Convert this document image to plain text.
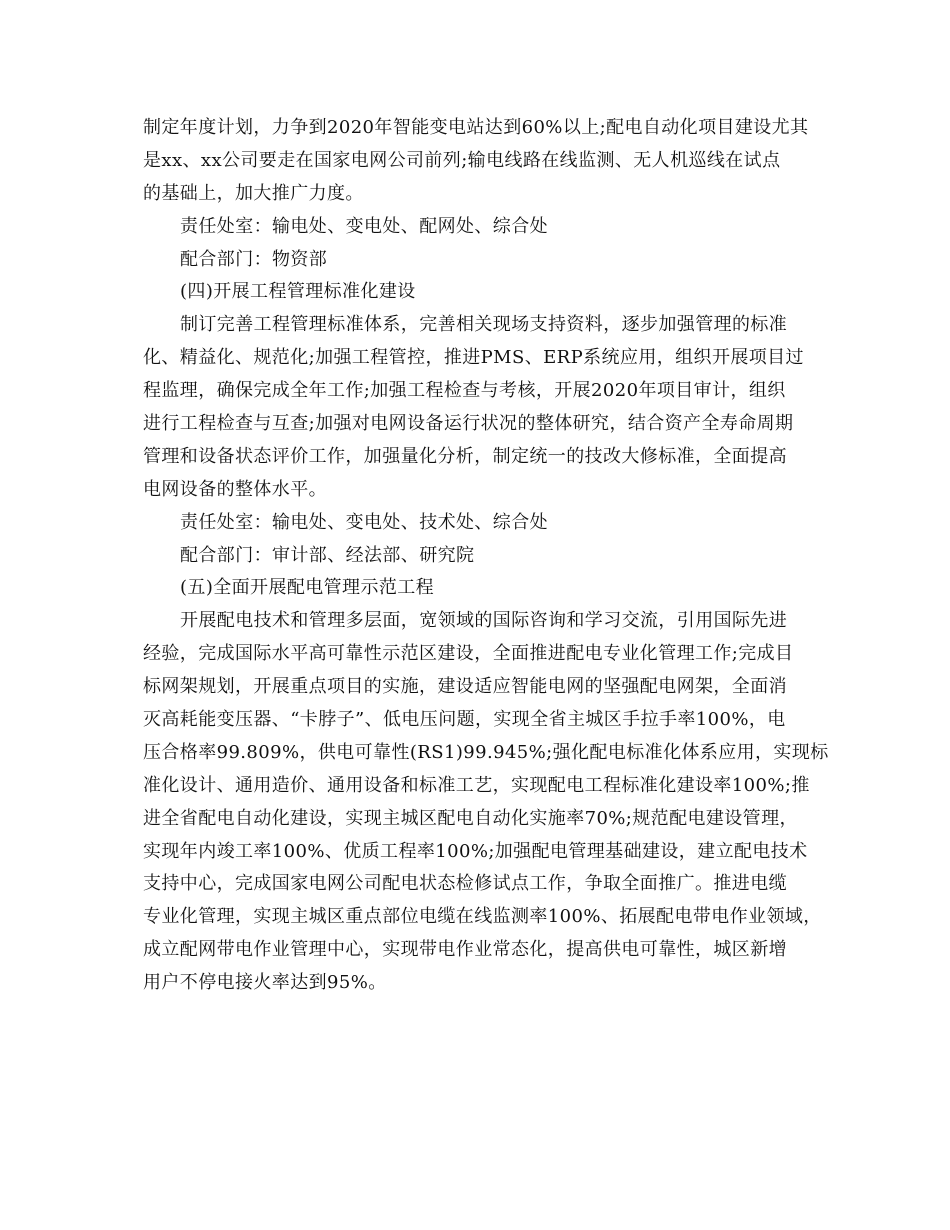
制定年度计划，力争到2020年智能变电站达到60%以上;配电自动化项目建设尤其
是xx、xx公司要走在国家电网公司前列;输电线路在线监测、无人机巡线在试点
的基础上，加大推广力度。
责任处室：输电处、变电处、配网处、综合处
配合部门：物资部
(四)开展工程管理标准化建设
制订完善工程管理标准体系，完善相关现场支持资料，逐步加强管理的标准
化、精益化、规范化;加强工程管控，推进PMS、ERP系统应用，组织开展项目过
程监理，确保完成全年工作;加强工程检查与考核，开展2020年项目审计，组织
进行工程检查与互查;加强对电网设备运行状况的整体研究，结合资产全寿命周期
管理和设备状态评价工作，加强量化分析，制定统一的技改大修标准，全面提高
电网设备的整体水平。
责任处室：输电处、变电处、技术处、综合处
配合部门：审计部、经法部、研究院
(五)全面开展配电管理示范工程
开展配电技术和管理多层面，宽领域的国际咨询和学习交流，引用国际先进
经验，完成国际水平高可靠性示范区建设，全面推进配电专业化管理工作;完成目
标网架规划，开展重点项目的实施，建设适应智能电网的坚强配电网架，全面消
灭高耗能变压器、“卡脖子”、低电压问题，实现全省主城区手拉手率100%，电
压合格率99.809%，供电可靠性(RS1)99.945%;强化配电标准化体系应用，实现标
准化设计、通用造价、通用设备和标准工艺，实现配电工程标准化建设率100%;推
进全省配电自动化建设，实现主城区配电自动化实施率70%;规范配电建设管理，
实现年内竣工率100%、优质工程率100%;加强配电管理基础建设，建立配电技术
支持中心，完成国家电网公司配电状态检修试点工作，争取全面推广。推进电缆
专业化管理，实现主城区重点部位电缆在线监测率100%、拓展配电带电作业领域，
成立配网带电作业管理中心，实现带电作业常态化，提高供电可靠性，城区新增
用户不停电接火率达到95%。
